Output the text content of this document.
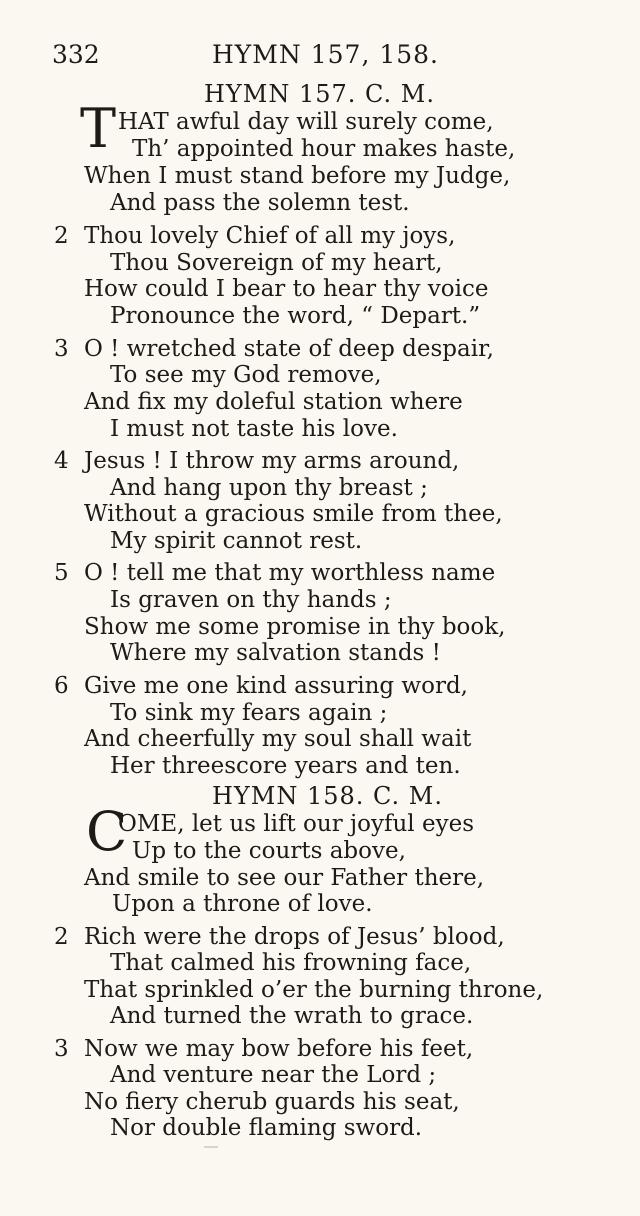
332	HYMN 157, 158.
HYMN 157. C. M.
T HAT awful day will surely come,
Th’ appointed hour makes haste,
When I must stand before my Judge,
And pass the solemn test.
2 Thou lovely Chief of all my joys,
Thou Sovereign of my heart,
How could I bear to hear thy voice
Pronounce the word, “ Depart.”
3 O ! wretched state of deep despair,
To see my God remove,
And fix my doleful station where
I must not taste his love.
4 Jesus ! I throw my arms around,
And hang upon thy breast ;
Without a gracious smile from thee,
My spirit cannot rest.
5 O ! tell me that my worthless name
Is graven on thy hands ;
Show me some promise in thy book,
Where my salvation stands !
6 Give me one kind assuring word,
To sink my fears again ;
And cheerfully my soul shall wait
Her threescore years and ten.
HYMN 158. C. M.
C
OME, let us lift our joyful eyes
Up to the courts above,
And smile to see our Father there,
Upon a throne of love.
2 Rich were the drops of Jesus’ blood,
That calmed his frowning face,
That sprinkled o’er the burning throne,
And turned the wrath to grace.
3 Now we may bow before his feet,
And venture near the Lord ;
No fiery cherub guards his seat,
Nor double flaming sword.
